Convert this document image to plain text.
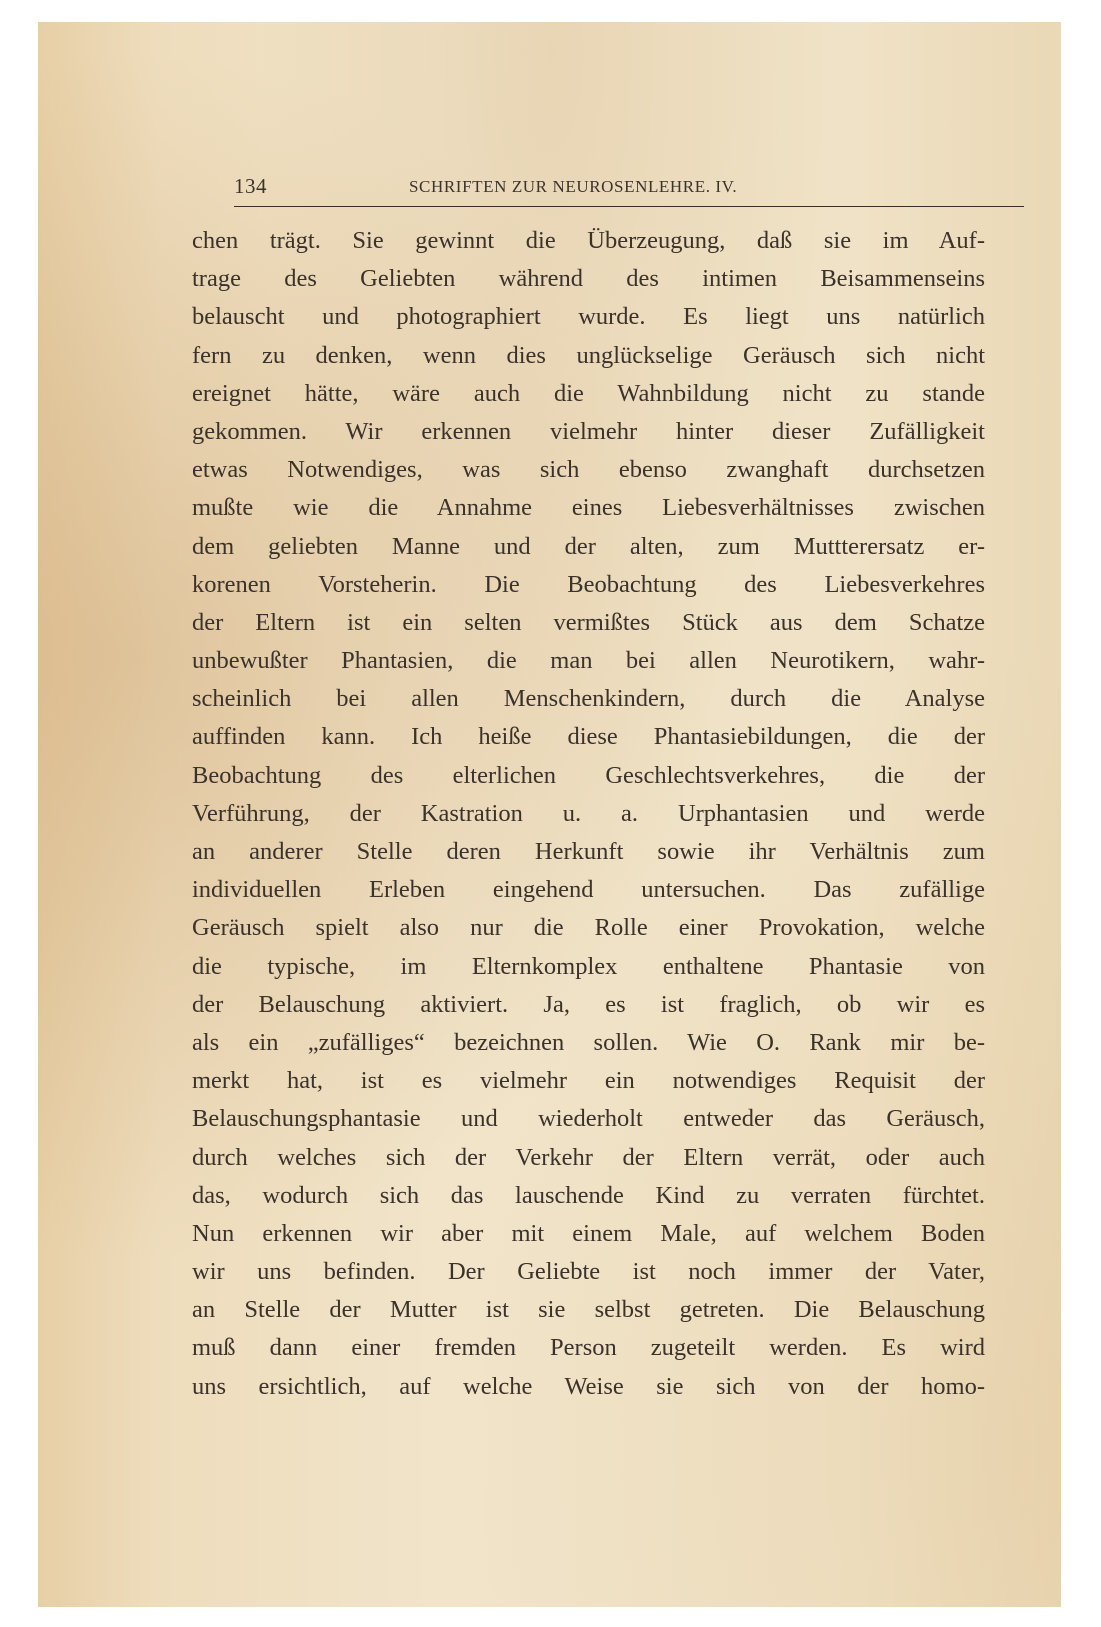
134	SCHRIFTEN ZUR NEUROSENLEHRE. IV.
chen trägt. Sie gewinnt die Überzeugung, daß sie im Auf-
trage des Geliebten während des intimen Beisammenseins
belauscht und photographiert wurde. Es liegt uns natürlich
fern zu denken, wenn dies unglückselige Geräusch sich nicht
ereignet hätte, wäre auch die Wahnbildung nicht zu stande
gekommen. Wir erkennen vielmehr hinter dieser Zufälligkeit
etwas Notwendiges, was sich ebenso zwanghaft durchsetzen
mußte wie die Annahme eines Liebesverhältnisses zwischen
dem geliebten Manne und der alten, zum Muttterersatz er-
korenen Vorsteherin. Die Beobachtung des Liebesverkehres
der Eltern ist ein selten vermißtes Stück aus dem Schatze
unbewußter Phantasien, die man bei allen Neurotikern, wahr-
scheinlich bei allen Menschenkindern, durch die Analyse
auffinden kann. Ich heiße diese Phantasiebildungen, die der
Beobachtung des elterlichen Geschlechtsverkehres, die der
Verführung, der Kastration u. a. Urphantasien und werde
an anderer Stelle deren Herkunft sowie ihr Verhältnis zum
individuellen Erleben eingehend untersuchen. Das zufällige
Geräusch spielt also nur die Rolle einer Provokation, welche
die typische, im Elternkomplex enthaltene Phantasie von
der Belauschung aktiviert. Ja, es ist fraglich, ob wir es
als ein „zufälliges“ bezeichnen sollen. Wie O. Rank mir be-
merkt hat, ist es vielmehr ein notwendiges Requisit der
Belauschungsphantasie und wiederholt entweder das Geräusch,
durch welches sich der Verkehr der Eltern verrät, oder auch
das, wodurch sich das lauschende Kind zu verraten fürchtet.
Nun erkennen wir aber mit einem Male, auf welchem Boden
wir uns befinden. Der Geliebte ist noch immer der Vater,
an Stelle der Mutter ist sie selbst getreten. Die Belauschung
muß dann einer fremden Person zugeteilt werden. Es wird
uns ersichtlich, auf welche Weise sie sich von der homo-
